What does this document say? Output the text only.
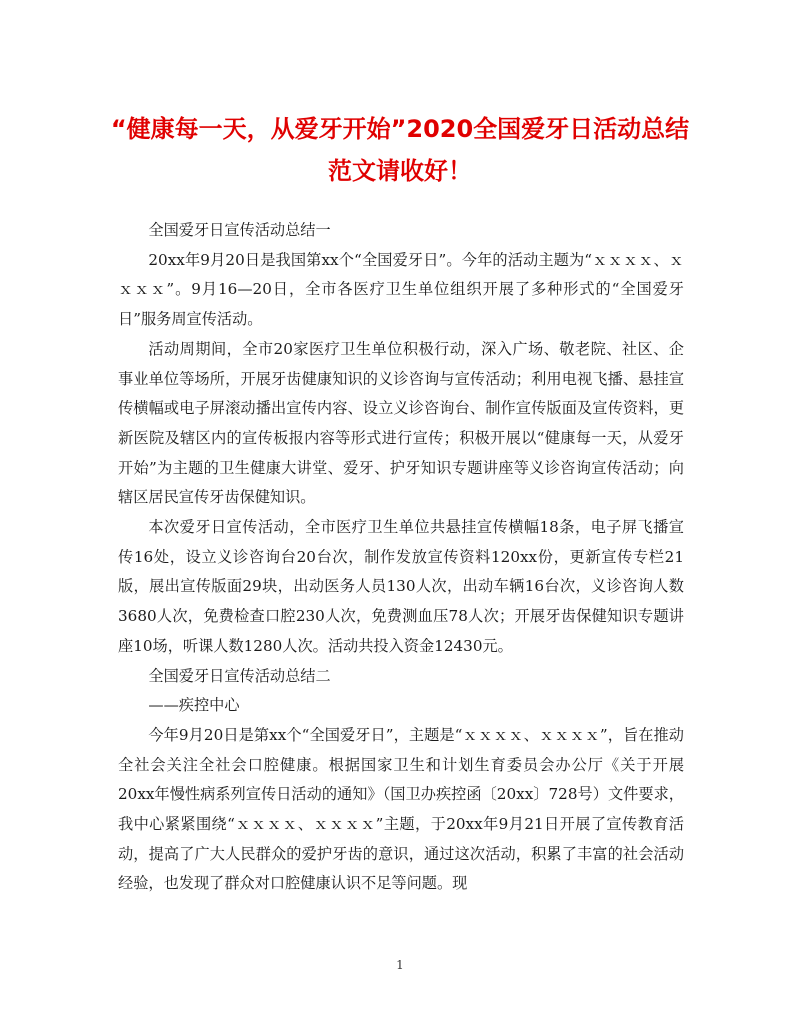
“健康每一天，从爱牙开始”2020全国爱牙日活动总结范文请收好！

全国爱牙日宣传活动总结一

20xx年9月20日是我国第xx个“全国爱牙日”。今年的活动主题为“ｘｘｘｘ、ｘｘｘｘ”。9月16—20日，全市各医疗卫生单位组织开展了多种形式的“全国爱牙日”服务周宣传活动。

活动周期间，全市20家医疗卫生单位积极行动，深入广场、敬老院、社区、企事业单位等场所，开展牙齿健康知识的义诊咨询与宣传活动；利用电视飞播、悬挂宣传横幅或电子屏滚动播出宣传内容、设立义诊咨询台、制作宣传版面及宣传资料，更新医院及辖区内的宣传板报内容等形式进行宣传；积极开展以“健康每一天，从爱牙开始”为主题的卫生健康大讲堂、爱牙、护牙知识专题讲座等义诊咨询宣传活动；向辖区居民宣传牙齿保健知识。

本次爱牙日宣传活动，全市医疗卫生单位共悬挂宣传横幅18条，电子屏飞播宣传16处，设立义诊咨询台20台次，制作发放宣传资料120xx份，更新宣传专栏21版，展出宣传版面29块，出动医务人员130人次，出动车辆16台次，义诊咨询人数3680人次，免费检查口腔230人次，免费测血压78人次；开展牙齿保健知识专题讲座10场，听课人数1280人次。活动共投入资金12430元。

全国爱牙日宣传活动总结二

——疾控中心

今年9月20日是第xx个“全国爱牙日”，主题是“ｘｘｘｘ、ｘｘｘｘ”，旨在推动全社会关注全社会口腔健康。根据国家卫生和计划生育委员会办公厅《关于开展20xx年慢性病系列宣传日活动的通知》（国卫办疾控函〔20xx〕728号）文件要求，我中心紧紧围绕“ｘｘｘｘ、ｘｘｘｘ”主题，于20xx年9月21日开展了宣传教育活动，提高了广大人民群众的爱护牙齿的意识，通过这次活动，积累了丰富的社会活动经验，也发现了群众对口腔健康认识不足等问题。现

1
